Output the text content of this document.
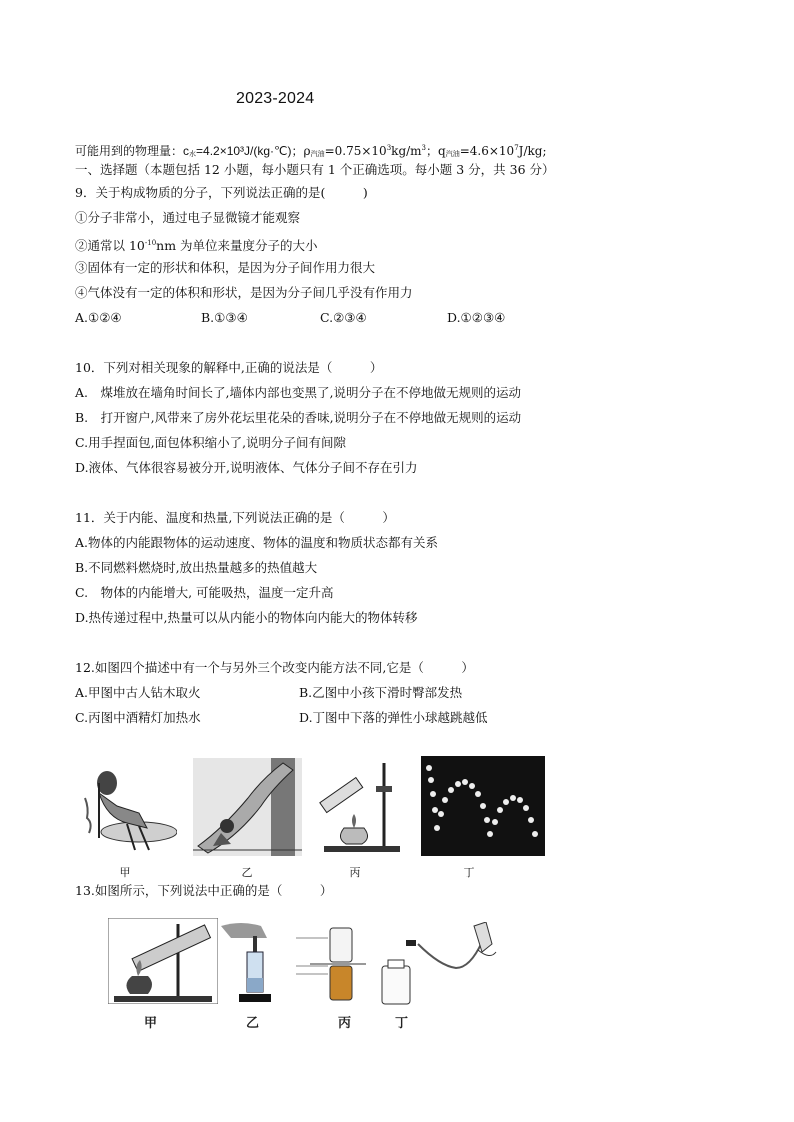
2023-2024
可能用到的物理量：c水=4.2×10³J/(kg·℃)；ρ汽油$=0.75\times 10^3kg/m^3$；q汽油$=4.6\times 10^7J/kg$;
一、选择题（本题包括 12 小题，每小题只有 1 个正确选项。每小题 3 分，共 36 分）
9．关于构成物质的分子，下列说法正确的是(　　　)
①分子非常小，通过电子显微镜才能观察
②通常以 $10^{-10}nm$ 为单位来量度分子的大小
③固体有一定的形状和体积，是因为分子间作用力很大
④气体没有一定的体积和形状，是因为分子间几乎没有作用力
A.①②④	B.①③④	C.②③④	D.①②③④
10．下列对相关现象的解释中,正确的说法是（　　　）
A.　煤堆放在墙角时间长了,墙体内部也变黑了,说明分子在不停地做无规则的运动
B.　打开窗户,风带来了房外花坛里花朵的香味,说明分子在不停地做无规则的运动
C.用手捏面包,面包体积缩小了,说明分子间有间隙
D.液体、气体很容易被分开,说明液体、气体分子间不存在引力
11．关于内能、温度和热量,下列说法正确的是（　　　）
A.物体的内能跟物体的运动速度、物体的温度和物质状态都有关系
B.不同燃料燃烧时,放出热量越多的热值越大
C.　物体的内能增大, 可能吸热，温度一定升高
D.热传递过程中,热量可以从内能小的物体向内能大的物体转移
12.如图四个描述中有一个与另外三个改变内能方法不同,它是（　　　）
A.甲图中古人钻木取火	B.乙图中小孩下滑时臀部发热
C.丙图中酒精灯加热水	D.丁图中下落的弹性小球越跳越低
甲	乙	丙	丁
13.如图所示，下列说法中正确的是（　　　）
甲	乙	丙	丁
